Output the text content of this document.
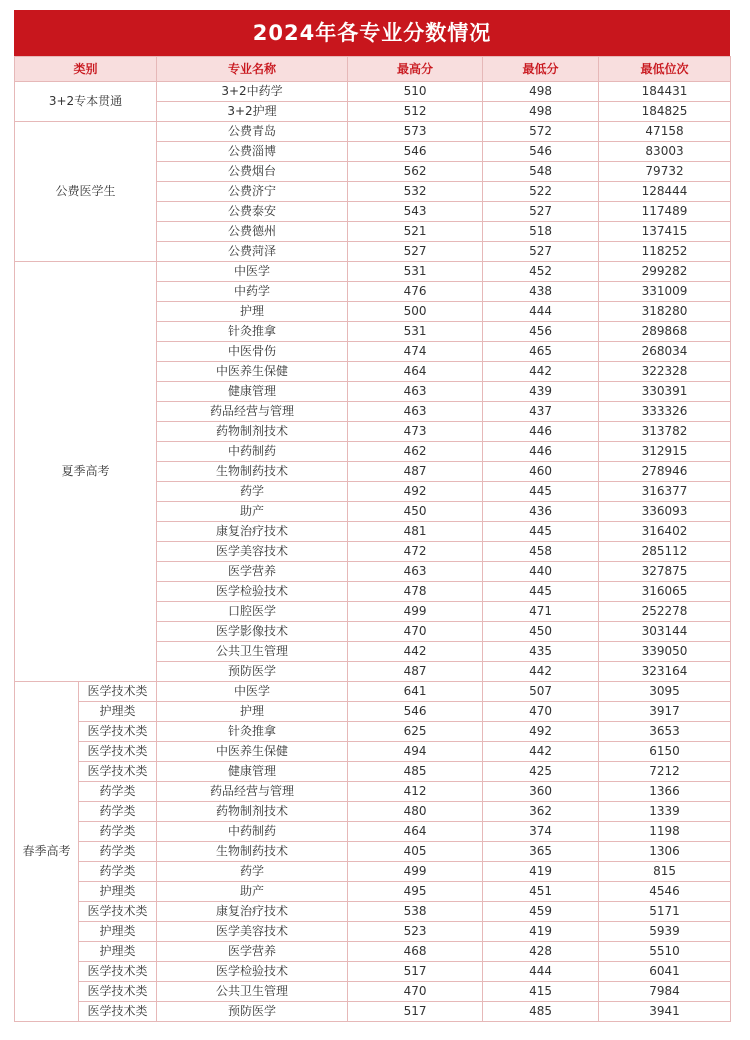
2024年各专业分数情况
类别		专业名称	最高分	最低分	最低位次
3+2专本贯通		3+2中药学	510	498	184431
		3+2护理	512	498	184825
公费医学生		公费青岛	573	572	47158
		公费淄博	546	546	83003
		公费烟台	562	548	79732
		公费济宁	532	522	128444
		公费泰安	543	527	117489
		公费德州	521	518	137415
		公费菏泽	527	527	118252
夏季高考		中医学	531	452	299282
		中药学	476	438	331009
		护理	500	444	318280
		针灸推拿	531	456	289868
		中医骨伤	474	465	268034
		中医养生保健	464	442	322328
		健康管理	463	439	330391
		药品经营与管理	463	437	333326
		药物制剂技术	473	446	313782
		中药制药	462	446	312915
		生物制药技术	487	460	278946
		药学	492	445	316377
		助产	450	436	336093
		康复治疗技术	481	445	316402
		医学美容技术	472	458	285112
		医学营养	463	440	327875
		医学检验技术	478	445	316065
		口腔医学	499	471	252278
		医学影像技术	470	450	303144
		公共卫生管理	442	435	339050
		预防医学	487	442	323164
春季高考	医学技术类	中医学	641	507	3095
	护理类	护理	546	470	3917
	医学技术类	针灸推拿	625	492	3653
	医学技术类	中医养生保健	494	442	6150
	医学技术类	健康管理	485	425	7212
	药学类	药品经营与管理	412	360	1366
	药学类	药物制剂技术	480	362	1339
	药学类	中药制药	464	374	1198
	药学类	生物制药技术	405	365	1306
	药学类	药学	499	419	815
	护理类	助产	495	451	4546
	医学技术类	康复治疗技术	538	459	5171
	护理类	医学美容技术	523	419	5939
	护理类	医学营养	468	428	5510
	医学技术类	医学检验技术	517	444	6041
	医学技术类	公共卫生管理	470	415	7984
	医学技术类	预防医学	517	485	3941
